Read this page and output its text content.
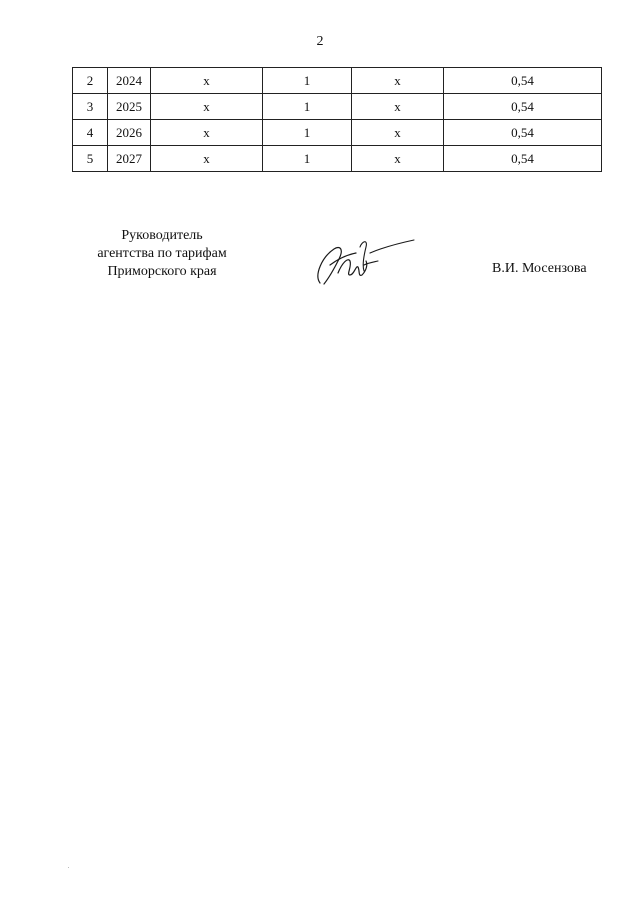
2
2	2024	х	1	х	0,54
3	2025	х	1	х	0,54
4	2026	х	1	х	0,54
5	2027	х	1	х	0,54
Руководитель
агентства по тарифам
Приморского края	В.И. Мосензова
